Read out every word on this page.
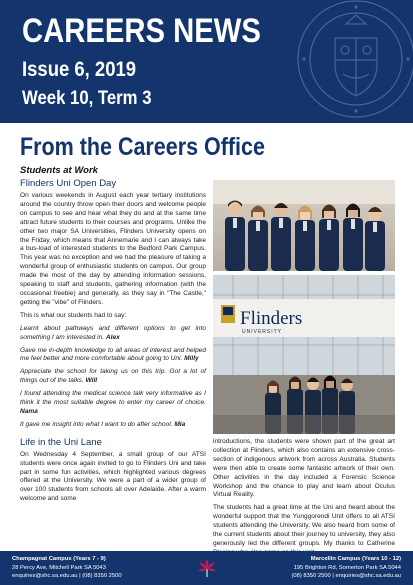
CAREERS NEWS
Issue 6, 2019
Week 10, Term 3
From the Careers Office
Students at Work
Flinders Uni Open Day

On various weekends in August each year tertiary institutions around the country throw open their doors and welcome people on campus to see and hear what they do and at the same time attract future students to their courses and programs. Unlike the other two major SA Universities, Flinders University opens on the Friday, which means that Annemarie and I can always take a bus-load of interested students to the Bedford Park Campus. This year was no exception and we had the pleasure of taking a wonderful group of enthusiastic students on campus. Our group made the most of the day by attending information sessions, speaking to staff and students, gathering information (with the occasional freebie) and generally, as they say in "The Castle," getting the "vibe" of Flinders.

This is what our students had to say:

Learnt about pathways and different options to get into something I am interested in. Alex

Gave me in-depth knowledge to all areas of interest and helped me feel better and more comfortable about going to Uni. Milly

Appreciate the school for taking us on this trip. Got a lot of things out of the talks. Will

I found attending the medical science talk very informative as I think it the most suitable degree to enter my career of choice. Nama

It gave me insight into what I want to do after school. Mia

Life in the Uni Lane

On Wednesday 4 September, a small group of our ATSI students were once again invited to go to Flinders Uni and take part in some fun activities, which highlighted various degrees offered at the University. We were a part of a wider group of over 100 students from schools all over Adelaide. After a warm welcome and some

Flinders
UNIVERSITY

introductions, the students were shown part of the great art collection at Flinders, which also contains an extensive cross-section of indigenous artwork from across Australia. Students were then able to create some fantastic artwork of their own. Other activities in the day included a Forensic Science Workshop and the chance to play and learn about Oculus Virtual Reality.

The students had a great time at the Uni and heard about the wonderful support that the Yunggorendi Unit offers to all ATSI students attending the University. We also heard from some of the current students about their journey to university, they also generously led the different groups. My thanks to Catherine

Champagnat Campus (Years 7 - 9)
28 Percy Ave, Mitchell Park SA 5043
enquiries@shc.sa.edu.au | (08) 8350 2500
Marcellin Campus (Years 10 - 12)
195 Brighton Rd, Somerton Park SA 5044
(08) 8350 2500 | enquiries@shc.sa.edu.au
